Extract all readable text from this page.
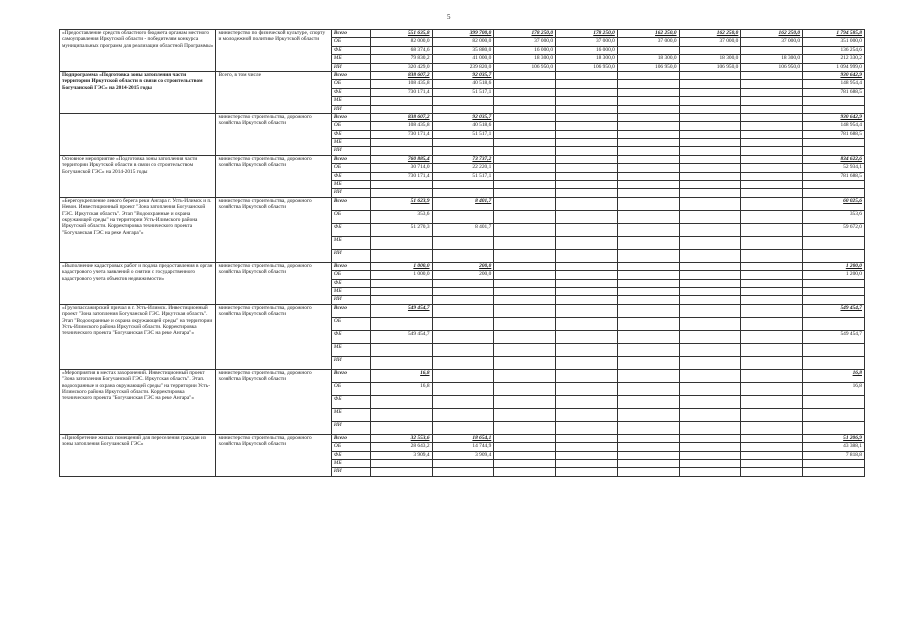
5
«Предоставление средств областного бюджета органам местного самоуправления Иркутской области - победителям конкурса муниципальных программ для реализации областной Программы»	министерство по физической культуре, спорту и молодежной политике Иркутской области	Всего	551 635,8	399 700,0	178 250,0	178 250,0	162 250,0	162 250,0	162 250,0	1 794 585,8
		ОБ	82 000,0	82 000,0	37 000,0	37 000,0	37 000,0	37 000,0	37 000,0	351 000,0
		ФБ	68 374,6	35 880,0	16 000,0	16 000,0				136 254,6
		МБ	79 830,2	41 000,0	18 300,0	18 300,0	18 300,0	18 300,0	18 300,0	212 330,2
		ИИ	320 429,0	239 820,0	106 950,0	106 950,0	106 950,0	106 950,0	106 950,0	1 094 999,0
Подпрограмма «Подготовка зоны затопления части территории Иркутской области в связи со строительством Богучанской ГЭС» на 2014-2015 годы	Всего, в том числе	Всего	838 607,2	92 035,7						930 642,9
		ОБ	108 435,8	40 518,6						148 954,4
		ФБ	730 171,4	51 517,1						781 688,5
		МБ								
		ИИ								
	министерство строительства, дорожного хозяйства Иркутской области	Всего	838 607,2	92 035,7						930 642,9
		ОБ	108 435,8	40 518,6						148 954,4
		ФБ	730 171,4	51 517,1						781 688,5
		МБ								
		ИИ								
Основное мероприятие «Подготовка зоны затопления части территории Иркутской области в связи со строительством Богучанской ГЭС» на 2014-2015 годы	министерство строительства, дорожного хозяйства Иркутской области	Всего	760 885,4	73 737,2						834 622,6
		ОБ	30 714,0	22 220,1						52 934,1
		ФБ	730 171,4	51 517,1						781 688,5
		МБ								
		ИИ								
«Берегоукрепление левого берега реки Ангара г. Усть-Илимск и п. Невон. Инвестиционный проект "Зона затопления Богучанской ГЭС. Иркутская область". Этап "Водоохранные и охрана окружающей среды" на территории Усть-Илимского района Иркутской области. Корректировка технического проекта "Богучанская ГЭС на реке Ангара"»	министерство строительства, дорожного хозяйства Иркутской области	Всего	51 623,9	8 401,7						60 025,6
		ОБ	353,6							353,6
		ФБ	51 270,3	8 401,7						59 672,0
		МБ								
		ИИ								
«Выполнение кадастровых работ и подача предоставления в орган кадастрового учета заявлений о снятии с государственного кадастрового учета объектов недвижимости»	министерство строительства, дорожного хозяйства Иркутской области	Всего	1 000,0	200,0						1 200,0
		ОБ	1 000,0	200,0						1 200,0
		ФБ								
		МБ								
		ИИ								
«Грузопассажирский причал в г. Усть-Илимск. Инвестиционный проект "Зона затопления Богучанской ГЭС. Иркутская область". Этап "Водоохранные и охрана окружающей среды" на территории Усть-Илимского района Иркутской области. Корректировка технического проекта "Богучанская ГЭС на реке Ангара"»	министерство строительства, дорожного хозяйства Иркутской области	Всего	549 454,7							549 454,7
		ОБ								
		ФБ	549 454,7							549 454,7
		МБ								
		ИИ								
«Мероприятия в местах захоронений. Инвестиционный проект "Зона затопления Богучанской ГЭС. Иркутская область". Этап. водоохранные и охрана окружающей среды" на территории Усть-Илимского района Иркутской области. Корректировка технического проекта "Богучанская ГЭС на реке Ангара"»	министерство строительства, дорожного хозяйства Иркутской области	Всего	16,8							16,8
		ОБ	16,8							16,8
		ФБ								
		МБ								
		ИИ								
«Приобретение жилых помещений для переселения граждан из зоны затопления Богучанской ГЭС»	министерство строительства, дорожного хозяйства Иркутской области	Всего	32 553,6	18 654,1						51 206,9
		ОБ	28 643,2	14 744,9						43 388,1
		ФБ	3 909,4	3 909,4						7 818,8
		МБ								
		ИИ								
